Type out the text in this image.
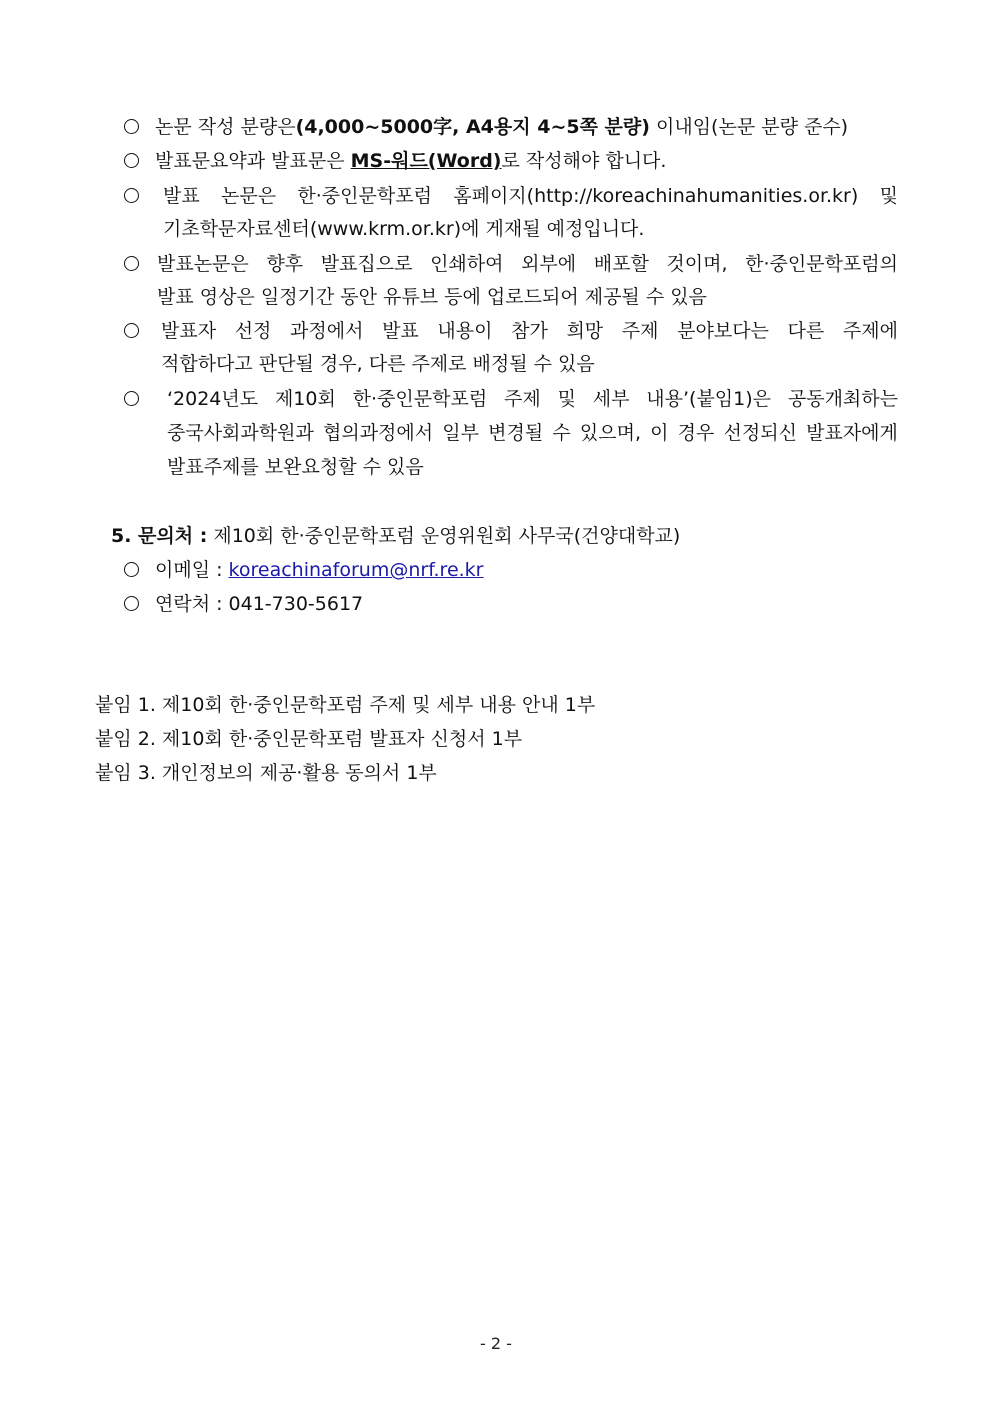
논문 작성 분량은(4,000~5000字, A4용지 4~5쪽 분량) 이내임(논문 분량 준수)
발표문요약과 발표문은 MS-워드(Word)로 작성해야 합니다.
발표 논문은 한·중인문학포럼 홈페이지(http://koreachinahumanities.or.kr) 및
기초학문자료센터(www.krm.or.kr)에 게재될 예정입니다.
발표논문은 향후 발표집으로 인쇄하여 외부에 배포할 것이며, 한·중인문학포럼의
발표 영상은 일정기간 동안 유튜브 등에 업로드되어 제공될 수 있음
발표자 선정 과정에서 발표 내용이 참가 희망 주제 분야보다는 다른 주제에
적합하다고 판단될 경우, 다른 주제로 배정될 수 있음
‘2024년도 제10회 한·중인문학포럼 주제 및 세부 내용’(붙임1)은 공동개최하는
중국사회과학원과 협의과정에서 일부 변경될 수 있으며, 이 경우 선정되신 발표자에게
발표주제를 보완요청할 수 있음
5. 문의처 : 제10회 한·중인문학포럼 운영위원회 사무국(건양대학교)
이메일 : koreachinaforum@nrf.re.kr
연락처 : 041-730-5617
붙임 1. 제10회 한·중인문학포럼 주제 및 세부 내용 안내 1부
붙임 2. 제10회 한·중인문학포럼 발표자 신청서 1부
붙임 3. 개인정보의 제공·활용 동의서 1부
- 2 -
